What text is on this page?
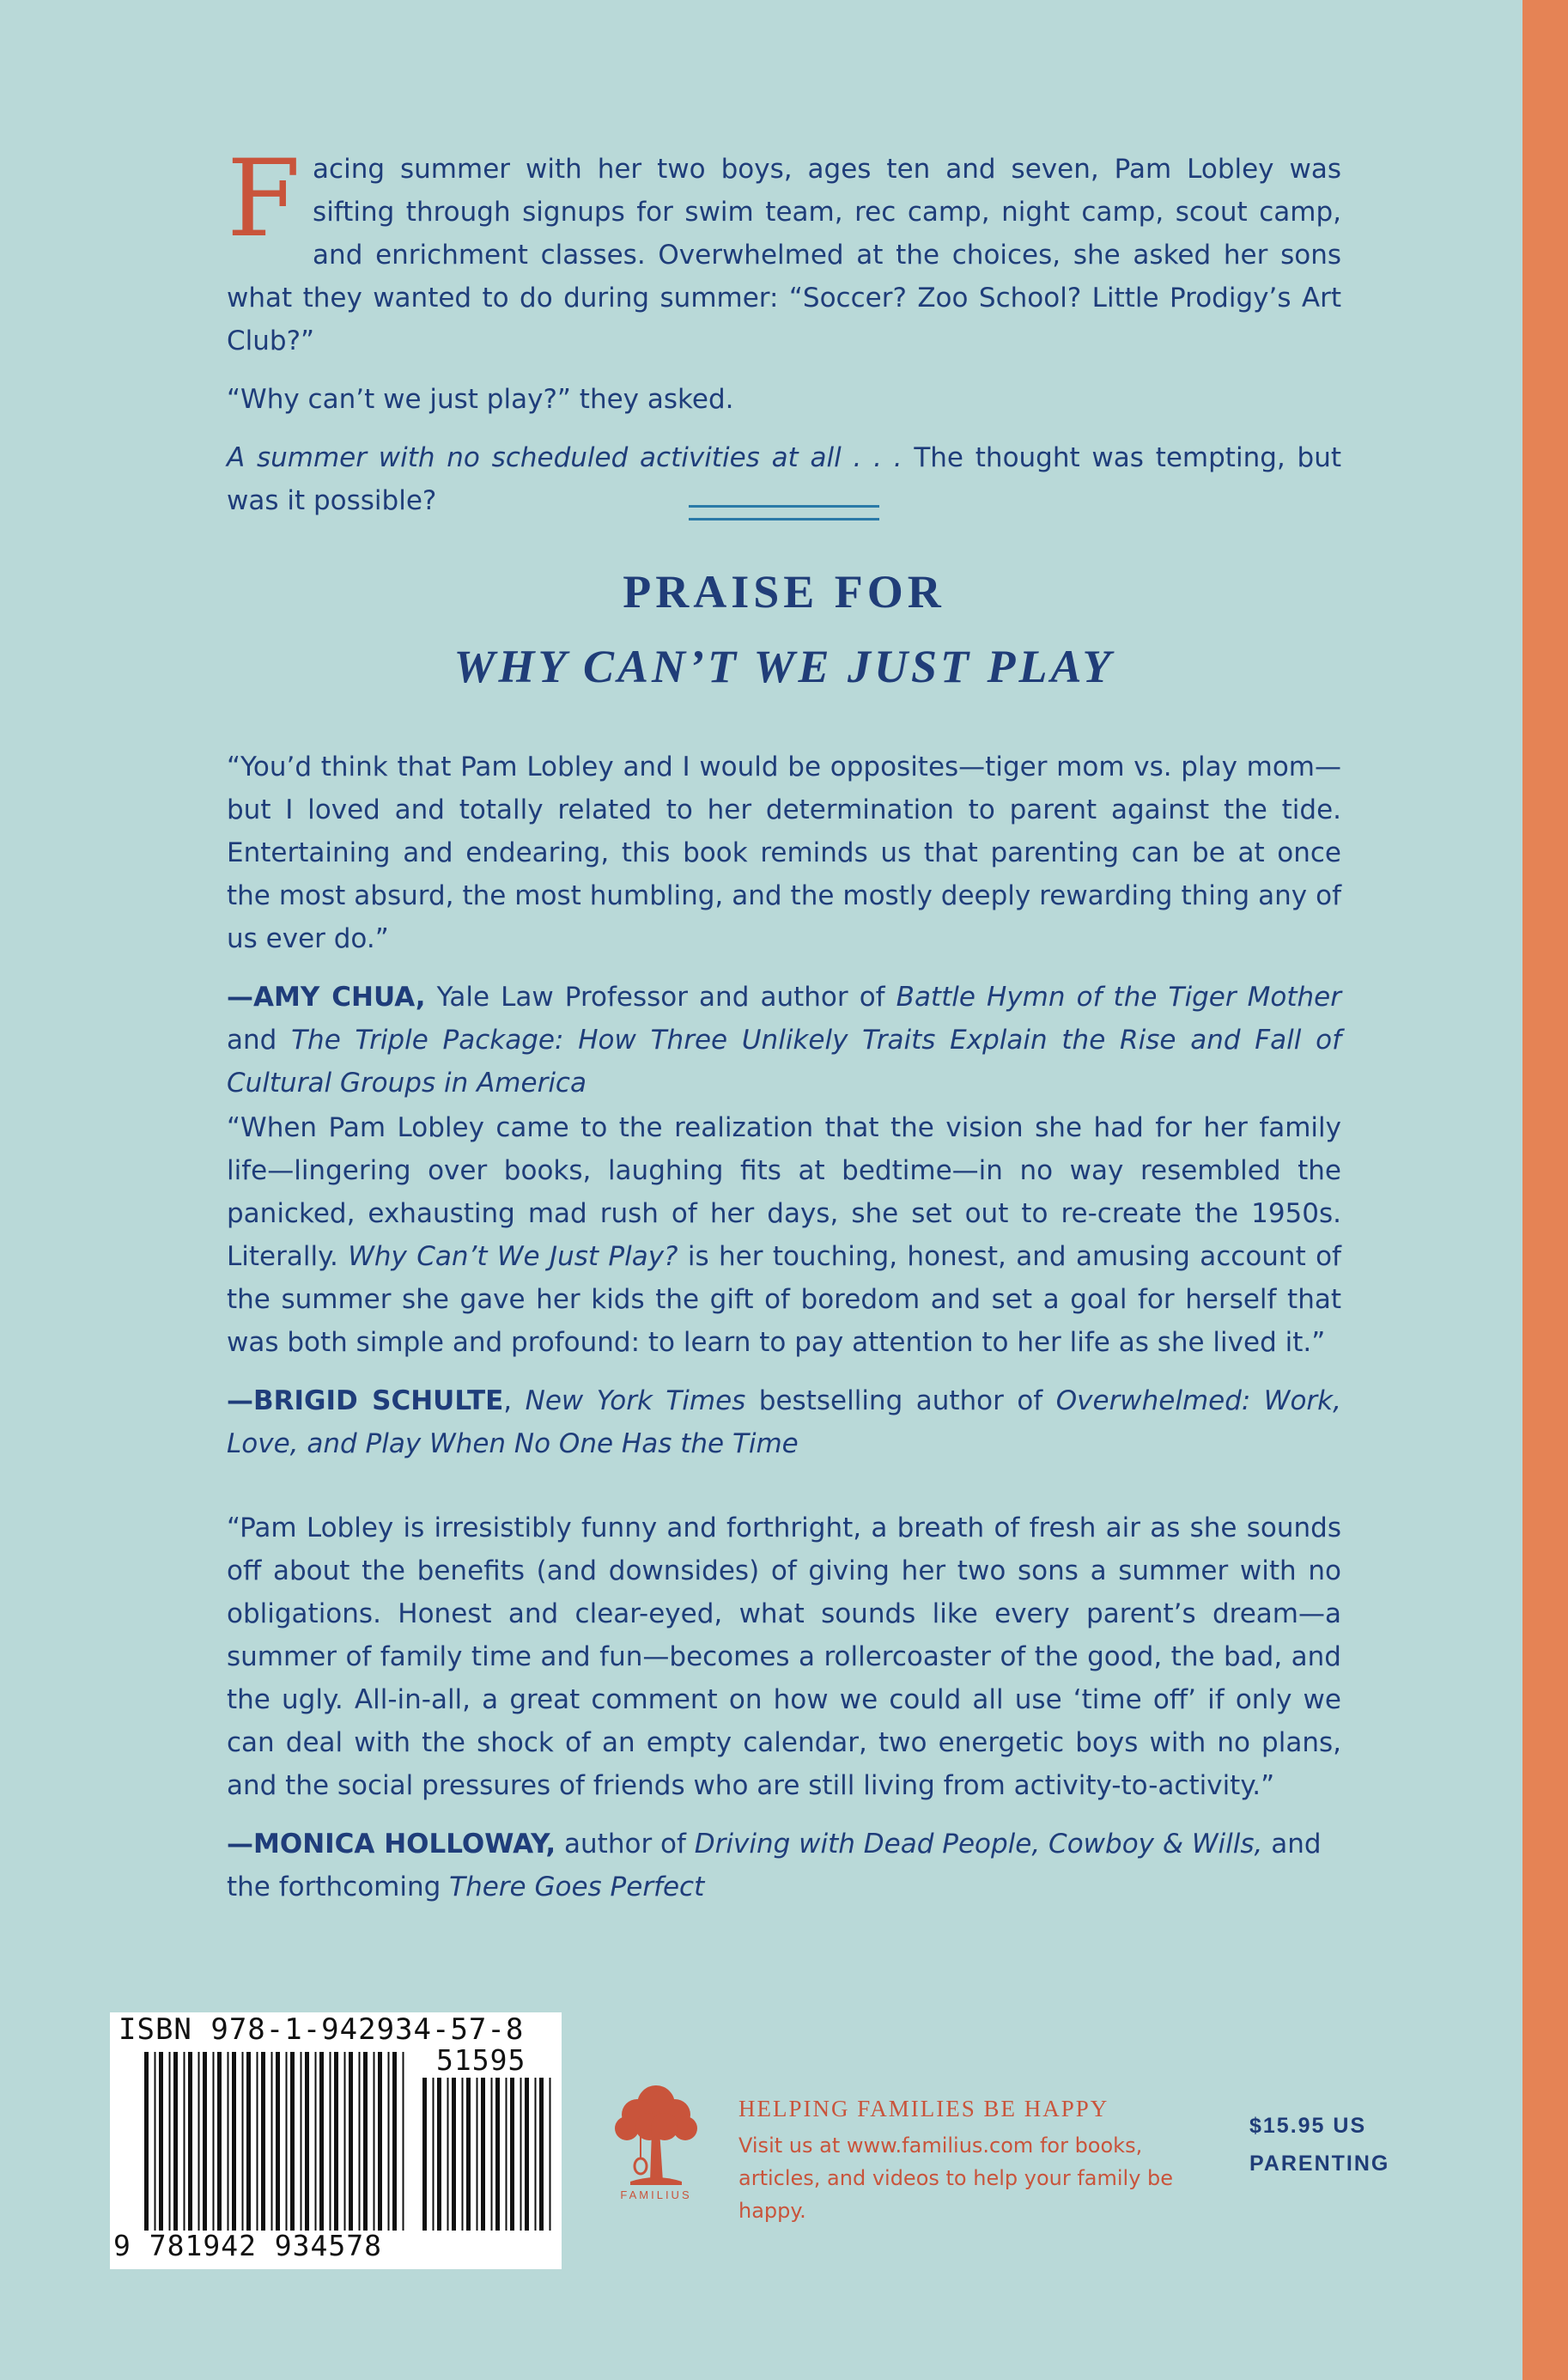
Facing summer with her two boys, ages ten and seven, Pam Lobley was sifting through signups for swim team, rec camp, night camp, scout camp, and enrichment classes. Overwhelmed at the choices, she asked her sons what they wanted to do during summer: “Soccer? Zoo School? Little Prodigy’s Art Club?”

“Why can’t we just play?” they asked.

A summer with no scheduled activities at all . . . The thought was tempting, but was it possible?

PRAISE FOR
WHY CAN’T WE JUST PLAY

“You’d think that Pam Lobley and I would be opposites—tiger mom vs. play mom—but I loved and totally related to her determination to parent against the tide. Entertaining and endearing, this book reminds us that parenting can be at once the most absurd, the most humbling, and the mostly deeply rewarding thing any of us ever do.”

—AMY CHUA, Yale Law Professor and author of Battle Hymn of the Tiger Mother and The Triple Package: How Three Unlikely Traits Explain the Rise and Fall of Cultural Groups in America

“When Pam Lobley came to the realization that the vision she had for her family life—lingering over books, laughing fits at bedtime—in no way resembled the panicked, exhausting mad rush of her days, she set out to re-create the 1950s. Literally. Why Can’t We Just Play? is her touching, honest, and amusing account of the summer she gave her kids the gift of boredom and set a goal for herself that was both simple and profound: to learn to pay attention to her life as she lived it.”

—BRIGID SCHULTE, New York Times bestselling author of Overwhelmed: Work, Love, and Play When No One Has the Time

“Pam Lobley is irresistibly funny and forthright, a breath of fresh air as she sounds off about the benefits (and downsides) of giving her two sons a summer with no obligations. Honest and clear-eyed, what sounds like every parent’s dream—a summer of family time and fun—becomes a rollercoaster of the good, the bad, and the ugly. All-in-all, a great comment on how we could all use ‘time off’ if only we can deal with the shock of an empty calendar, two energetic boys with no plans, and the social pressures of friends who are still living from activity-to-activity.”

—MONICA HOLLOWAY, author of Driving with Dead People, Cowboy & Wills, and the forthcoming There Goes Perfect

ISBN 978-1-942934-57-8
9 781942 934578
51595
FAMILIUS
HELPING FAMILIES BE HAPPY
Visit us at www.familius.com for books, articles, and videos to help your family be happy.
$15.95 US
PARENTING
